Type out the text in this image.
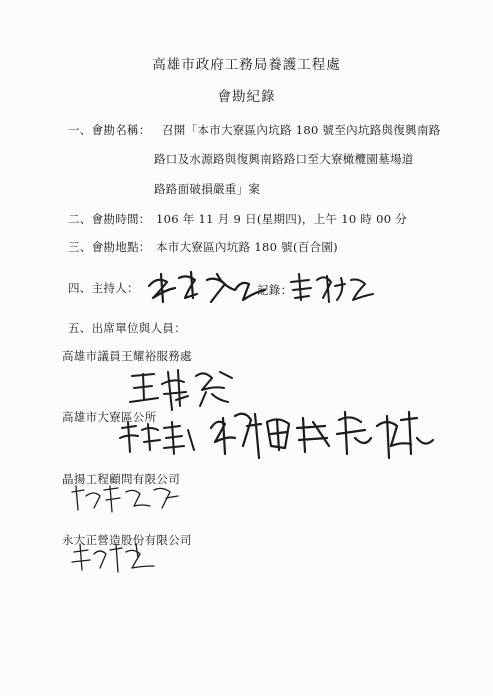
高雄市政府工務局養護工程處
會勘紀錄
一、會勘名稱： 召開「本市大寮區內坑路 180 號至內坑路與復興南路
路口及水源路與復興南路路口至大寮橄欖園墓場道
路路面破損嚴重」案
二、會勘時間： 106 年 11 月 9 日(星期四)，上午 10 時 00 分
三、會勘地點： 本市大寮區內坑路 180 號(百合園)
四、主持人：	記錄：
五、出席單位與人員：
高雄市議員王耀裕服務處
高雄市大寮區公所
晶揚工程顧問有限公司
永大正營造股份有限公司
